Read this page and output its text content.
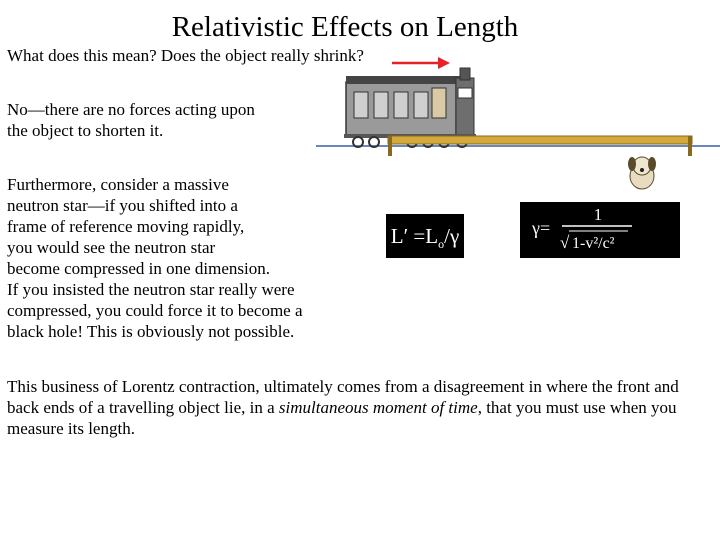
Relativistic Effects on Length
What does this mean? Does the object really shrink?
No—there are no forces acting upon
the object to shorten it.
Furthermore, consider a massive
neutron star—if you shifted into a
frame of reference moving rapidly,
you would see the neutron star
become compressed in one dimension.
If you insisted the neutron star really were
compressed, you could force it to become a
black hole! This is obviously not possible.
$L' =L_o/\gamma$	γ=
1
√ 1-v²/c²
This business of Lorentz contraction, ultimately comes from a disagreement in where the front and back ends of a travelling object lie, in a simultaneous moment of time, that you must use when you measure its length.
